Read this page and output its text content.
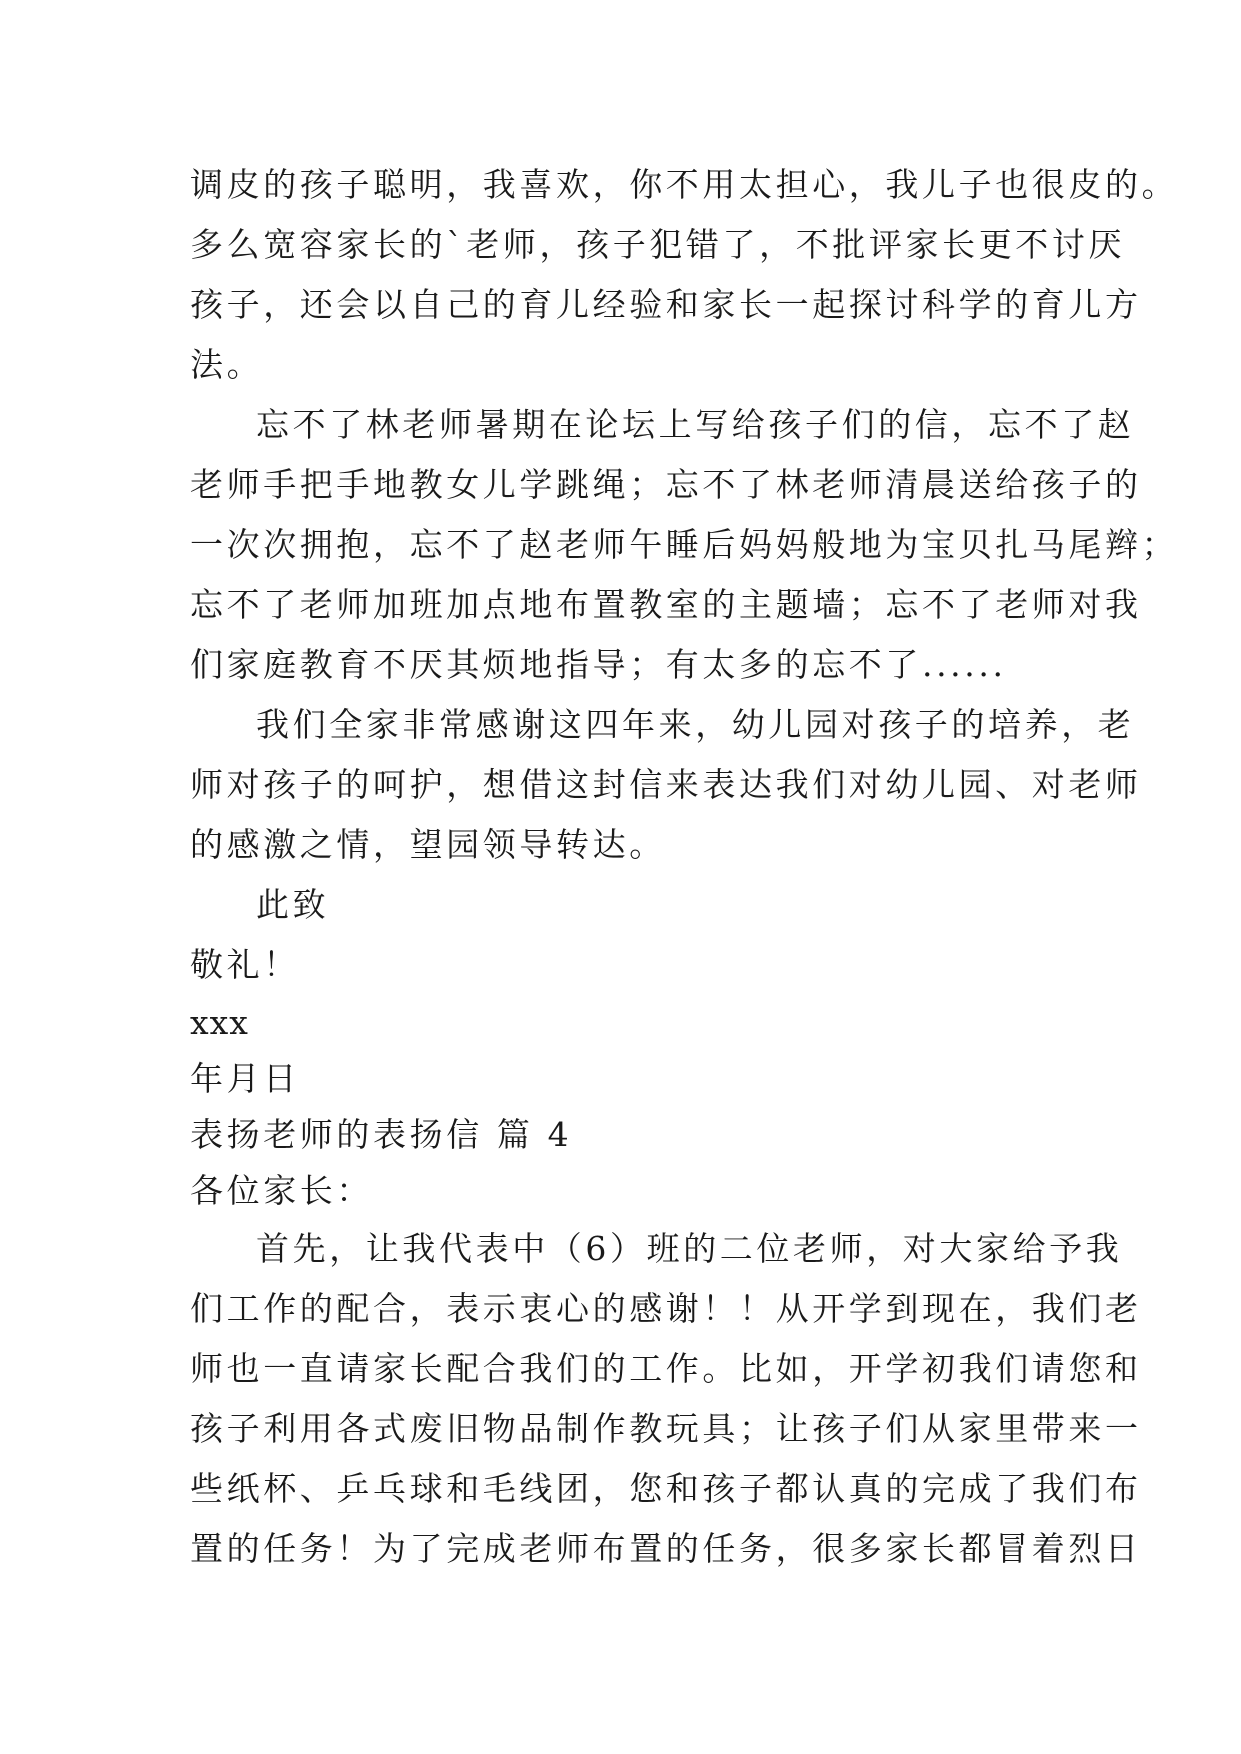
调皮的孩子聪明，我喜欢，你不用太担心，我儿子也很皮的。
多么宽容家长的`老师，孩子犯错了，不批评家长更不讨厌
孩子，还会以自己的育儿经验和家长一起探讨科学的育儿方
法。
忘不了林老师暑期在论坛上写给孩子们的信，忘不了赵
老师手把手地教女儿学跳绳；忘不了林老师清晨送给孩子的
一次次拥抱，忘不了赵老师午睡后妈妈般地为宝贝扎马尾辫；
忘不了老师加班加点地布置教室的主题墙；忘不了老师对我
们家庭教育不厌其烦地指导；有太多的忘不了......
我们全家非常感谢这四年来，幼儿园对孩子的培养，老
师对孩子的呵护，想借这封信来表达我们对幼儿园、对老师
的感激之情，望园领导转达。
此致
敬礼！
xxx
年月日
表扬老师的表扬信 篇 4
各位家长：
首先，让我代表中（6）班的二位老师，对大家给予我
们工作的配合，表示衷心的感谢！！从开学到现在，我们老
师也一直请家长配合我们的工作。比如，开学初我们请您和
孩子利用各式废旧物品制作教玩具；让孩子们从家里带来一
些纸杯、乒乓球和毛线团，您和孩子都认真的完成了我们布
置的任务！为了完成老师布置的任务，很多家长都冒着烈日
